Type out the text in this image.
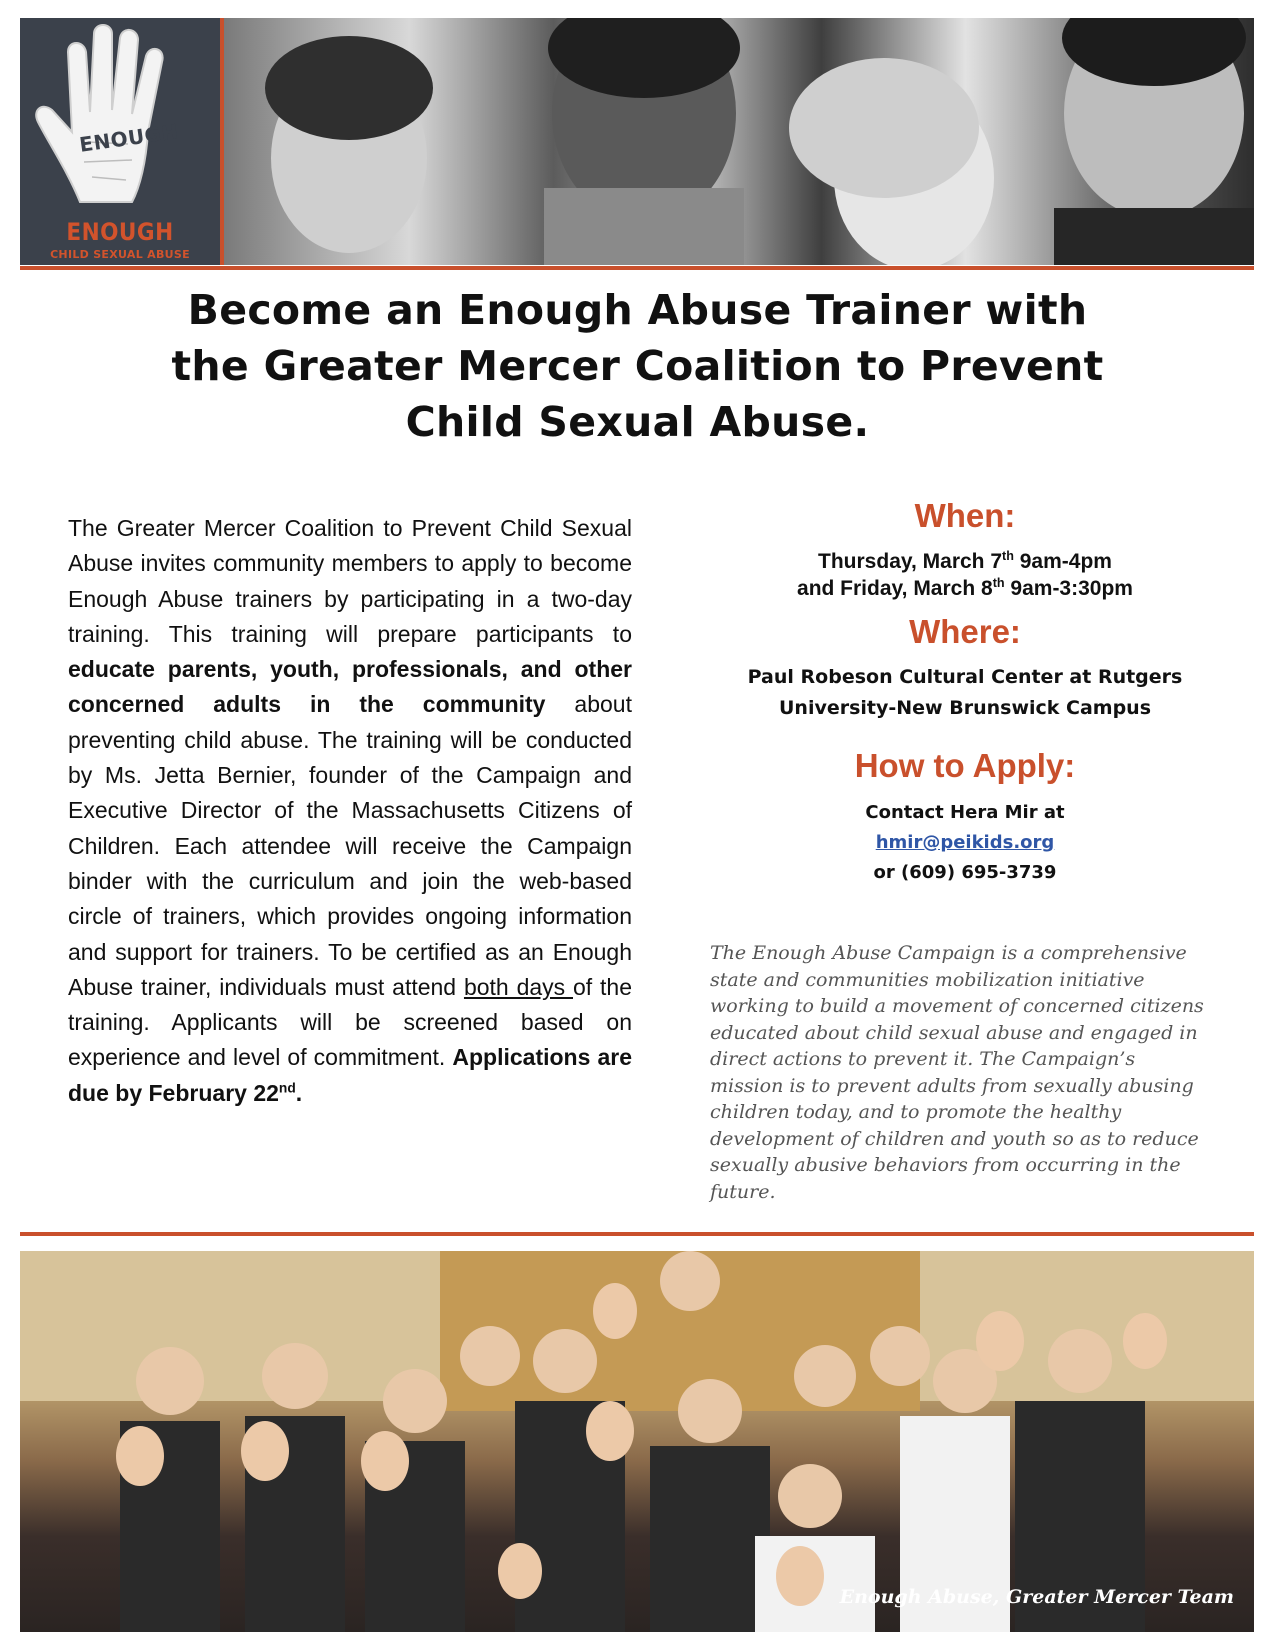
ENOUGH
ENOUGH
CHILD SEXUAL ABUSE
Become an Enough Abuse Trainer with
the Greater Mercer Coalition to Prevent
Child Sexual Abuse.

The Greater Mercer Coalition to Prevent Child Sexual Abuse invites community members to apply to become Enough Abuse trainers by participating in a two-day training. This training will prepare participants to educate parents, youth, professionals, and other concerned adults in the community about preventing child abuse. The training will be conducted by Ms. Jetta Bernier, founder of the Campaign and Executive Director of the Massachusetts Citizens of Children. Each attendee will receive the Campaign binder with the curriculum and join the web-based circle of trainers, which provides ongoing information and support for trainers. To be certified as an Enough Abuse trainer, individuals must attend both days of the training. Applicants will be screened based on experience and level of commitment. Applications are due by February 22nd.

When:

Thursday, March 7th 9am-4pm

and Friday, March 8th 9am-3:30pm

Where:

Paul Robeson Cultural Center at Rutgers

University-New Brunswick Campus

How to Apply:

Contact Hera Mir at

hmir@peikids.org

or (609) 695-3739

The Enough Abuse Campaign is a comprehensive state and communities mobilization initiative working to build a movement of concerned citizens educated about child sexual abuse and engaged in direct actions to prevent it. The Campaign’s mission is to prevent adults from sexually abusing children today, and to promote the healthy development of children and youth so as to reduce sexually abusive behaviors from occurring in the future.

Enough Abuse, Greater Mercer Team
